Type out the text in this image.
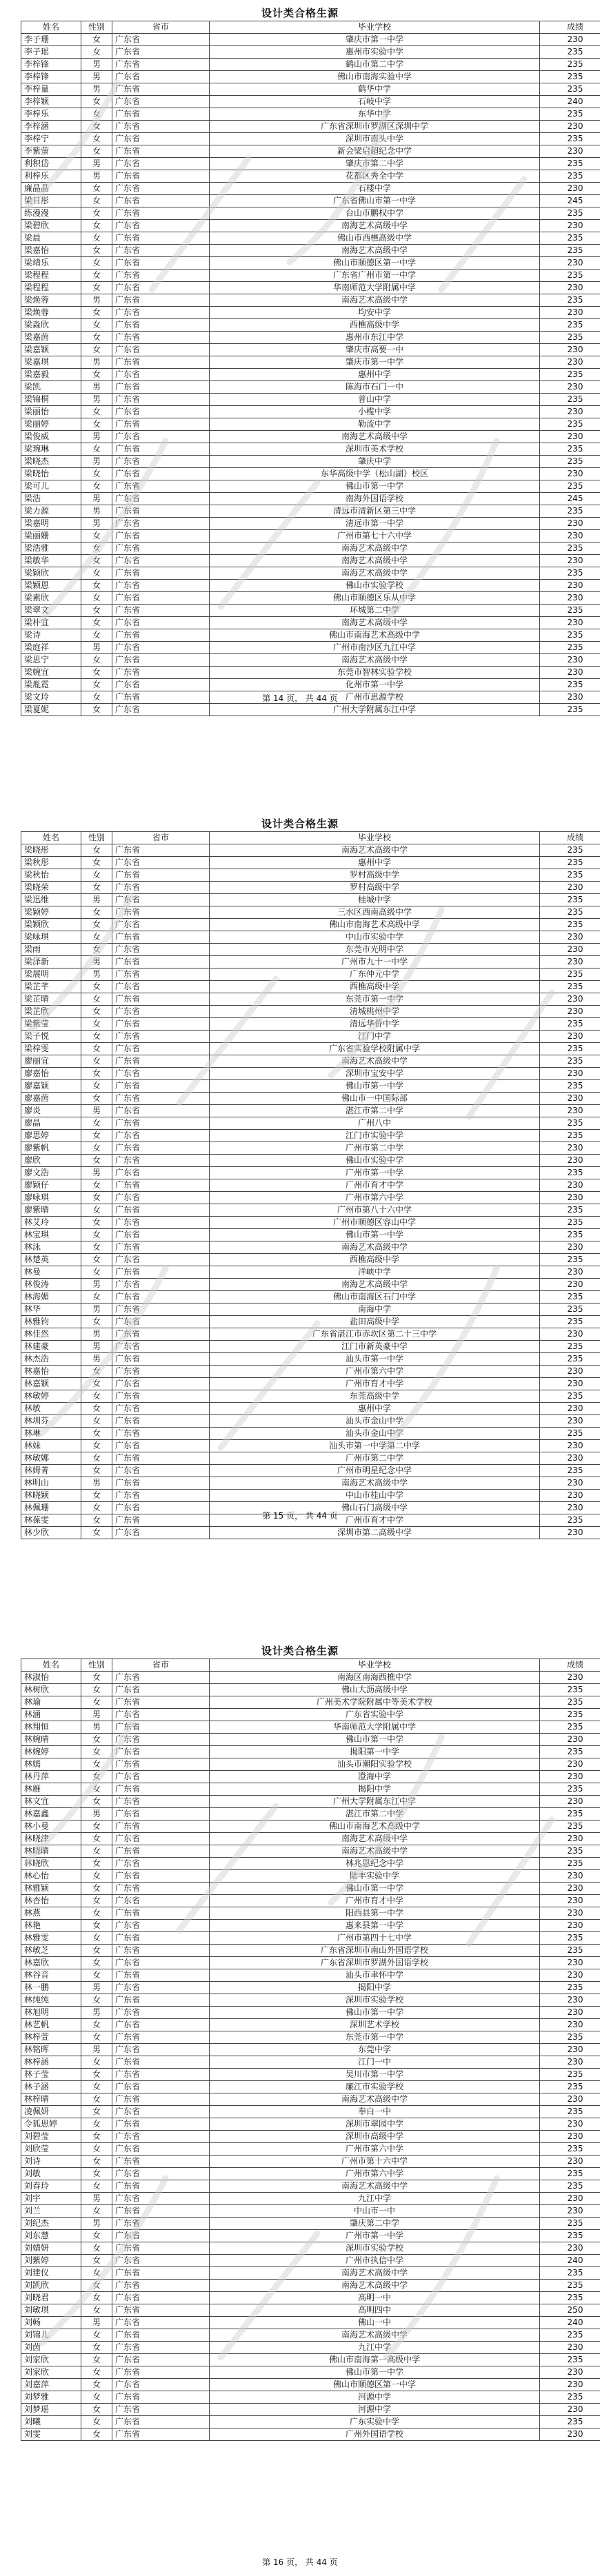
设计类合格生源
姓名	性别	省市	毕业学校	成绩
李子珊	女	广东省	肇庆市第一中学	230
李子瑶	女	广东省	惠州市实验中学	235
李梓锋	男	广东省	鹤山市第二中学	235
李梓锋	男	广东省	佛山市南海实验中学	235
李梓量	男	广东省	鹤华中学	235
李梓颖	女	广东省	石岐中学	240
李梓乐	女	广东省	东华中学	235
李梓涵	女	广东省	广东省深圳市罗湖区深圳中学	230
李梓宁	女	广东省	深圳市南头中学	235
李紫萤	女	广东省	新会梁启超纪念中学	230
利积岱	男	广东省	肇庆市第二中学	235
利梓乐	男	广东省	花都区秀全中学	235
廉晶晶	女	广东省	石楼中学	230
梁日彤	女	广东省	广东省佛山市第一中学	245
练漫漫	女	广东省	台山市鹏权中学	235
梁碧欣	女	广东省	南海艺术高级中学	230
梁晨	女	广东省	佛山市西樵高级中学	235
梁嘉怡	女	广东省	南海艺术高级中学	235
梁靖乐	女	广东省	佛山市顺德区第一中学	230
梁程程	女	广东省	广东省广州市第一中学	235
梁程程	女	广东省	华南师范大学附属中学	230
梁焕蓉	男	广东省	南海艺术高级中学	235
梁焕蓉	女	广东省	均安中学	230
梁淼欣	女	广东省	西樵高级中学	235
梁嘉茵	女	广东省	惠州市东江中学	235
梁嘉颖	女	广东省	肇庆市高要一中	230
梁嘉琪	男	广东省	肇庆市第一中学	230
梁嘉毅	女	广东省	惠州中学	235
梁凯	男	广东省	陈海市石门一中	230
梁锦桐	男	广东省	普山中学	235
梁丽怡	女	广东省	小榄中学	230
梁丽婷	女	广东省	勒流中学	235
梁俊威	男	广东省	南海艺术高级中学	230
梁琬琳	女	广东省	深圳市美术学校	235
梁晓杰	男	广东省	肇庆中学	235
梁晓怡	女	广东省	东华高级中学（松山湖）校区	230
梁可儿	女	广东省	佛山市第一中学	235
梁浩	男	广东省	南海外国语学校	245
梁力源	男	广东省	清远市清新区第三中学	235
梁嘉明	男	广东省	清远市第一中学	230
梁丽姗	女	广东省	广州市第七十六中学	230
梁浩雅	女	广东省	南海艺术高级中学	235
梁敏华	女	广东省	南海艺术高级中学	230
梁颖欣	女	广东省	南海艺术高级中学	235
梁颖恩	女	广东省	佛山市实验学校	230
梁素欣	女	广东省	佛山市顺德区乐从中学	230
梁翠文	女	广东省	环城第二中学	235
梁朴宜	女	广东省	南海艺术高级中学	230
梁诗	女	广东省	佛山市南海艺术高级中学	235
梁庭祥	男	广东省	广州市南沙区九江中学	235
梁思宁	女	广东省	南海艺术高级中学	230
梁婉宜	女	广东省	东莞市智林实验学校	230
梁胤霓	女	广东省	化州市第一中学	235
梁文玲	女	广东省	广州市思源学校	230
梁夏妮	女	广东省	广州大学附属东江中学	235
第 14 页， 共 44 页
设计类合格生源
姓名	性别	省市	毕业学校	成绩
梁晓彤	女	广东省	南海艺术高级中学	235
梁秋彤	女	广东省	惠州中学	235
梁秋怡	女	广东省	罗村高级中学	235
梁晓荣	女	广东省	罗村高级中学	230
梁迅维	男	广东省	桂城中学	235
梁颖婷	女	广东省	三水区西南高级中学	235
梁颖欣	女	广东省	佛山市南海艺术高级中学	235
梁咏琪	女	广东省	中山市实验中学	230
梁雨	女	广东省	东莞市光明中学	230
梁泽新	男	广东省	广州市九十一中学	230
梁展明	男	广东省	广东仲元中学	235
梁芷芊	女	广东省	西樵高级中学	235
梁芷晴	女	广东省	东莞市第一中学	230
梁芷欣	女	广东省	清城桃州中学	230
梁紫莹	女	广东省	清远华侨中学	235
梁子悦	女	广东省	江门中学	230
梁梓雯	女	广东省	广东省实验学校附属中学	235
廖丽宜	女	广东省	南海艺术高级中学	235
廖嘉怡	女	广东省	深圳市宝安中学	230
廖嘉颖	女	广东省	佛山市第一中学	235
廖嘉茵	女	广东省	佛山市一中国际部	230
廖炎	男	广东省	湛江市第二中学	230
廖晶	女	广东省	广州八中	235
廖思婷	女	广东省	江门市实验中学	235
廖紫帆	女	广东省	广州市第二中学	230
廖欣	女	广东省	佛山市实验中学	230
廖文浩	男	广东省	广州市第一中学	235
廖颖仔	女	广东省	广州市育才中学	230
廖咏琪	女	广东省	广州市第六中学	230
廖紫晴	女	广东省	广州市第八十六中学	235
林艾玲	女	广东省	广州市顺德区容山中学	235
林宝琪	女	广东省	佛山市第一中学	235
林泳	女	广东省	南海艺术高级中学	230
林楚英	女	广东省	西樵高级中学	235
林曼	女	广东省	洋峡中学	230
林俊涛	男	广东省	南海艺术高级中学	230
林海媚	女	广东省	佛山市南海区石门中学	235
林华	男	广东省	南海中学	235
林雅钧	女	广东省	盐田高级中学	235
林佳然	男	广东省	广东省湛江市赤坎区第二十三中学	230
林建豪	男	广东省	江门市新英豪中学	235
林杰浩	男	广东省	汕头市第一中学	235
林嘉怡	女	广东省	广州市第六中学	230
林嘉颖	女	广东省	广州市育才中学	230
林敏婷	女	广东省	东莞高级中学	235
林敏	女	广东省	惠州中学	230
林圳芬	女	广东省	汕头市金山中学	230
林琳	女	广东省	汕头市金山中学	235
林妹	女	广东省	汕头市第一中学第二中学	230
林敏娜	女	广东省	广州市第二中学	230
林姆菁	女	广东省	广州市明星纪念中学	235
林明山	男	广东省	南海艺术高级中学	230
林晓颖	女	广东省	中山市桂山中学	230
林佩珊	女	广东省	佛山石门高级中学	230
林葆雯	女	广东省	广州市育才中学	235
林少欣	女	广东省	深圳市第二高级中学	230
第 15 页， 共 44 页
设计类合格生源
姓名	性别	省市	毕业学校	成绩
林淑怡	女	广东省	南海区南海西樵中学	230
林树欣	女	广东省	佛山大沥高级中学	235
林瑜	女	广东省	广州美术学院附属中等美术学校	235
林涵	男	广东省	广东省实验中学	235
林翔恒	男	广东省	华南师范大学附属中学	235
林婉晴	女	广东省	佛山市第一中学	230
林婉婷	女	广东省	揭阳第一中学	235
林嫣	女	广东省	汕头市潮阳实验学校	230
林丹萍	女	广东省	澄海中学	230
林雁	女	广东省	揭阳中学	235
林文宜	女	广东省	广州大学附属东江中学	230
林嘉鑫	男	广东省	湛江市第二中学	235
林小曼	女	广东省	佛山市南海艺术高级中学	235
林晓津	女	广东省	南海艺术高级中学	230
林晓晴	女	广东省	南海艺术高级中学	235
林晓欣	女	广东省	林兆恩纪念中学	235
林心怡	女	广东省	陆丰实验中学	230
林雅颖	女	广东省	佛山市第一中学	230
林杏怡	女	广东省	广州市育才中学	230
林燕	女	广东省	阳西县第一中学	230
林艳	女	广东省	惠来县第一中学	230
林雅雯	女	广东省	广州市第四十七中学	235
林敏芝	女	广东省	广东省深圳市南山外国语学校	235
林嘉欣	女	广东省	广东省深圳市罗湖外国语学校	230
林谷音	女	广东省	汕头市聿怀中学	230
林一鹏	男	广东省	揭阳中学	235
林纯纯	女	广东省	深圳市实验学校	230
林旭明	男	广东省	佛山市第一中学	230
林艺帆	女	广东省	深圳艺术学校	230
林梓萱	女	广东省	东莞市第一中学	235
林铭晖	男	广东省	东莞中学	230
林梓涵	女	广东省	江门一中	230
林子莹	女	广东省	吴川市第一中学	235
林子涵	女	广东省	廉江市实验学校	235
林梓晴	女	广东省	南海艺术高级中学	230
凌佩妍	女	广东省	奉白一中	235
令狐思婷	女	广东省	深圳市翠园中学	230
刘碧莹	女	广东省	深圳市高级中学	230
刘欣莹	女	广东省	广州市第六中学	235
刘诗	女	广东省	广州市第十六中学	230
刘敏	女	广东省	广州市第六中学	235
刘春玲	女	广东省	南海艺术高级中学	235
刘宇	男	广东省	九江中学	230
刘兰	女	广东省	中山市一中	230
刘纪杰	男	广东省	肇庆第二中学	235
刘东慧	女	广东省	广州市第一中学	235
刘婧妍	女	广东省	深圳市实验学校	230
刘紫婷	女	广东省	广州市执信中学	240
刘建仪	女	广东省	南海艺术高级中学	235
刘凯欣	女	广东省	南海艺术高级中学	235
刘晓君	女	广东省	高明一中	235
刘敏琪	女	广东省	高明四中	250
刘畅	男	广东省	佛山一中	240
刘锦儿	女	广东省	南海艺术高级中学	235
刘茵	女	广东省	九江中学	230
刘家欣	女	广东省	佛山市南海第一高级中学	235
刘家欣	女	广东省	佛山市第一中学	230
刘嘉萍	女	广东省	佛山市顺德区第一中学	230
刘梦雅	女	广东省	河源中学	235
刘梦瑶	女	广东省	河源中学	230
刘曦	女	广东省	广东实验中学	235
刘雯	女	广东省	广州外国语学校	230
第 16 页， 共 44 页
